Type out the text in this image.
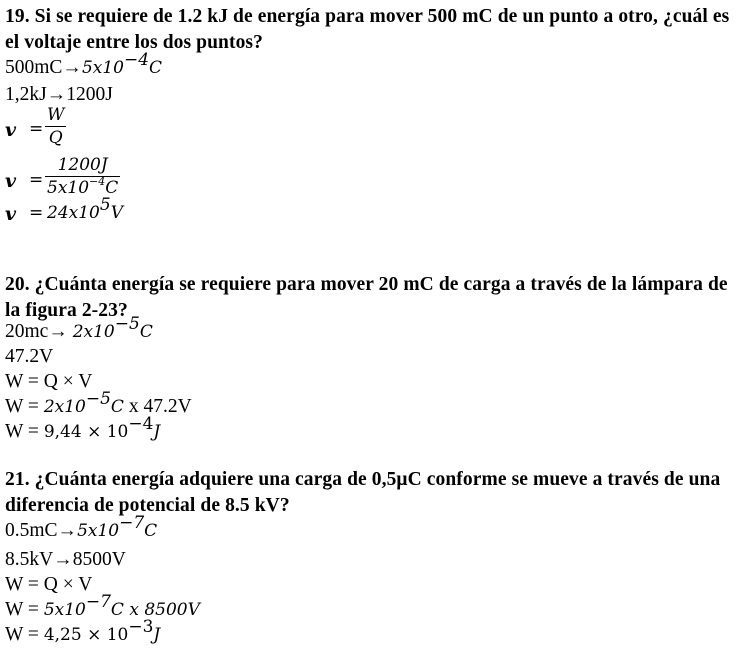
19. Si se requiere de 1.2 kJ de energía para mover 500 mC de un punto a otro, ¿cuál es el voltaje entre los dos puntos?
$500mC\to 5𝑥10^{-4}𝐶$
1,2kJ→1200J
𝒗 =
𝑊
𝑄
𝒗 =
1200𝐽
$5𝑥10^{-4}𝐶$
𝒗 = $24𝑥10^5𝑉$
20. ¿Cuánta energía se requiere para mover 20 mC de carga a través de la lámpara de la figura 2-23?
$20mc\to 2𝑥10^{-5}𝐶$
47.2V
W = Q × V
$W = 2𝑥10^{-5}𝐶$ x 47.2V
$W = 9,44 \times 10^{-4}𝐽$
21. ¿Cuánta energía adquiere una carga de 0,5μC conforme se mueve a través de una diferencia de potencial de 8.5 kV?
$0.5mC\to 5𝑥10^{-7}𝐶$
8.5kV→8500V
W = Q × V
$W = 5𝑥10^{-7}𝐶$ 𝑥 8500𝑉
$W = 4,25 \times 10^{-3}𝐽$
